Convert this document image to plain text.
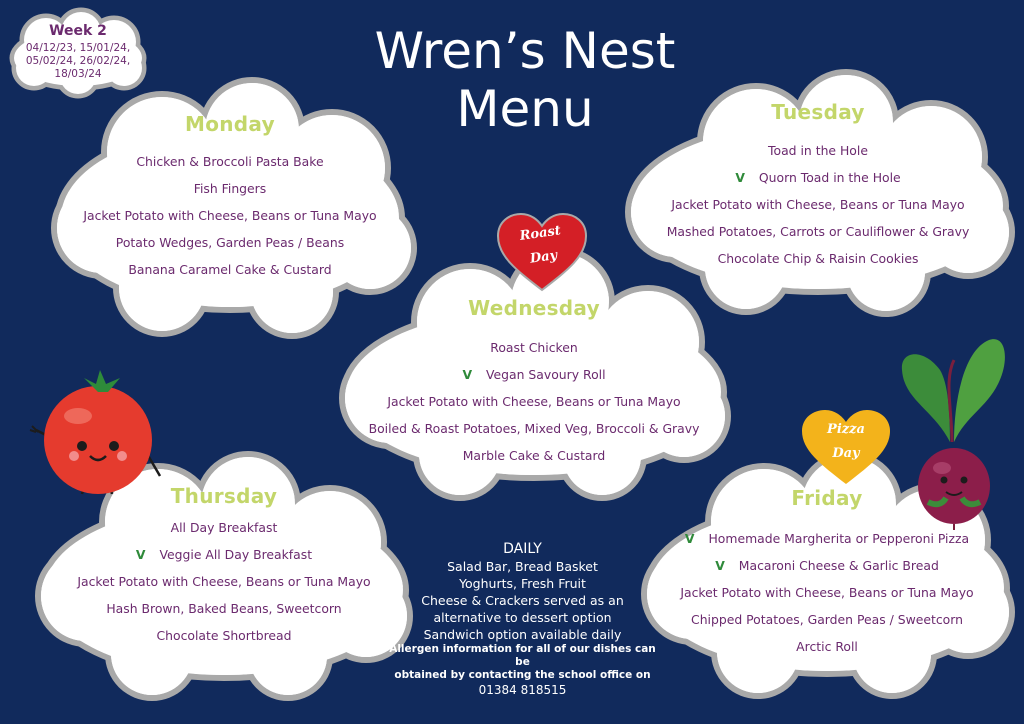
Wren’s Nest
Menu
Week 2
04/12/23, 15/01/24,
05/02/24, 26/02/24,
18/03/24
Monday
Chicken & Broccoli Pasta Bake
Fish Fingers
Jacket Potato with Cheese, Beans or Tuna Mayo
Potato Wedges, Garden Peas / Beans
Banana Caramel Cake & Custard
Tuesday
Toad in the Hole
V Quorn Toad in the Hole
Jacket Potato with Cheese, Beans or Tuna Mayo
Mashed Potatoes, Carrots or Cauliflower & Gravy
Chocolate Chip & Raisin Cookies
Wednesday
Roast Chicken
V Vegan Savoury Roll
Jacket Potato with Cheese, Beans or Tuna Mayo
Boiled & Roast Potatoes, Mixed Veg, Broccoli & Gravy
Marble Cake & Custard
Thursday
All Day Breakfast
V Veggie All Day Breakfast
Jacket Potato with Cheese, Beans or Tuna Mayo
Hash Brown, Baked Beans, Sweetcorn
Chocolate Shortbread
Friday
V Homemade Margherita or Pepperoni Pizza
V Macaroni Cheese & Garlic Bread
Jacket Potato with Cheese, Beans or Tuna Mayo
Chipped Potatoes, Garden Peas / Sweetcorn
Arctic Roll
Roast
Day
Pizza
Day
DAILY
Salad Bar, Bread Basket
Yoghurts, Fresh Fruit
Cheese & Crackers served as an
alternative to dessert option
Sandwich option available daily
Allergen information for all of our dishes can be
obtained by contacting the school office on
01384 818515
